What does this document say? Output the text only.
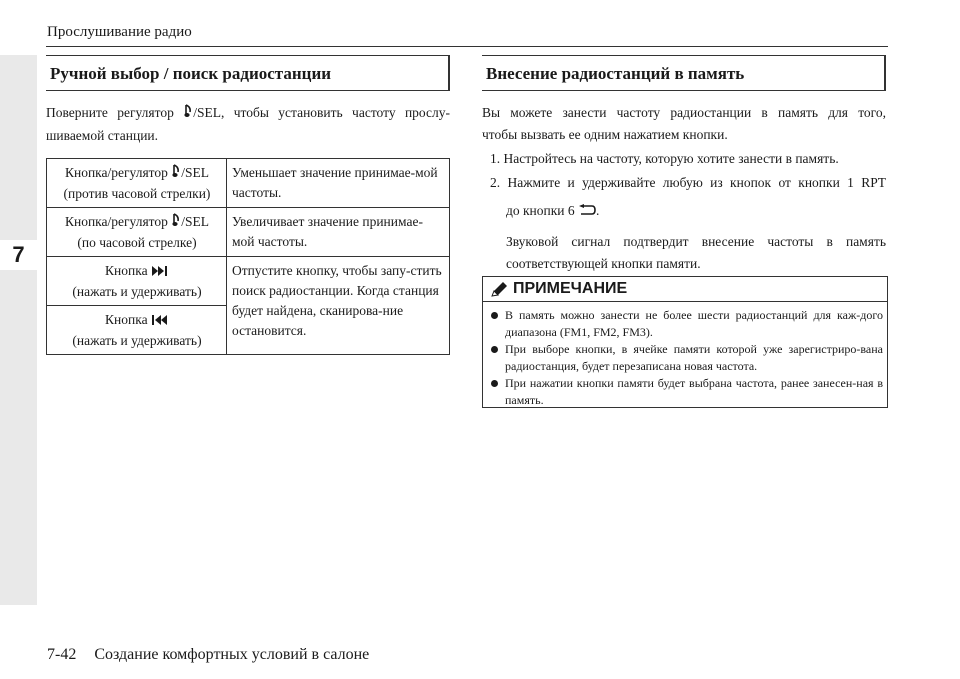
7
Прослушивание радио
Ручной выбор / поиск радиостанции
Поверните регулятор /SEL, чтобы установить частоту прослу-
шиваемой станции.
Кнопка/регулятор /SEL
(против часовой стрелки)	Уменьшает значение принимае-мой частоты.

Кнопка/регулятор /SEL
(по часовой стрелке)	Увеличивает значение принимае-мой частоты.

Кнопка
(нажать и удерживать)	Отпустите кнопку, чтобы запу-стить поиск радиостанции. Когда станция будет найдена, сканирова-ние остановится.

Кнопка
(нажать и удерживать)	
Внесение радиостанций в память
Вы можете занести частоту радиостанции в память для того,
чтобы вызвать ее одним нажатием кнопки.
1. Настройтесь на частоту, которую хотите занести в память.
2. Нажмите и удерживайте любую из кнопок от кнопки 1 RPT
до кнопки 6 .
Звуковой сигнал подтвердит внесение частоты в память
соответствующей кнопки памяти.
ПРИМЕЧАНИЕ
В память можно занести не более шести радиостанций для каж-дого диапазона (FM1, FM2, FM3).
При выборе кнопки, в ячейке памяти которой уже зарегистриро-вана радиостанция, будет перезаписана новая частота.
При нажатии кнопки памяти будет выбрана частота, ранее занесен-ная в память.
7-42 Создание комфортных условий в салоне
